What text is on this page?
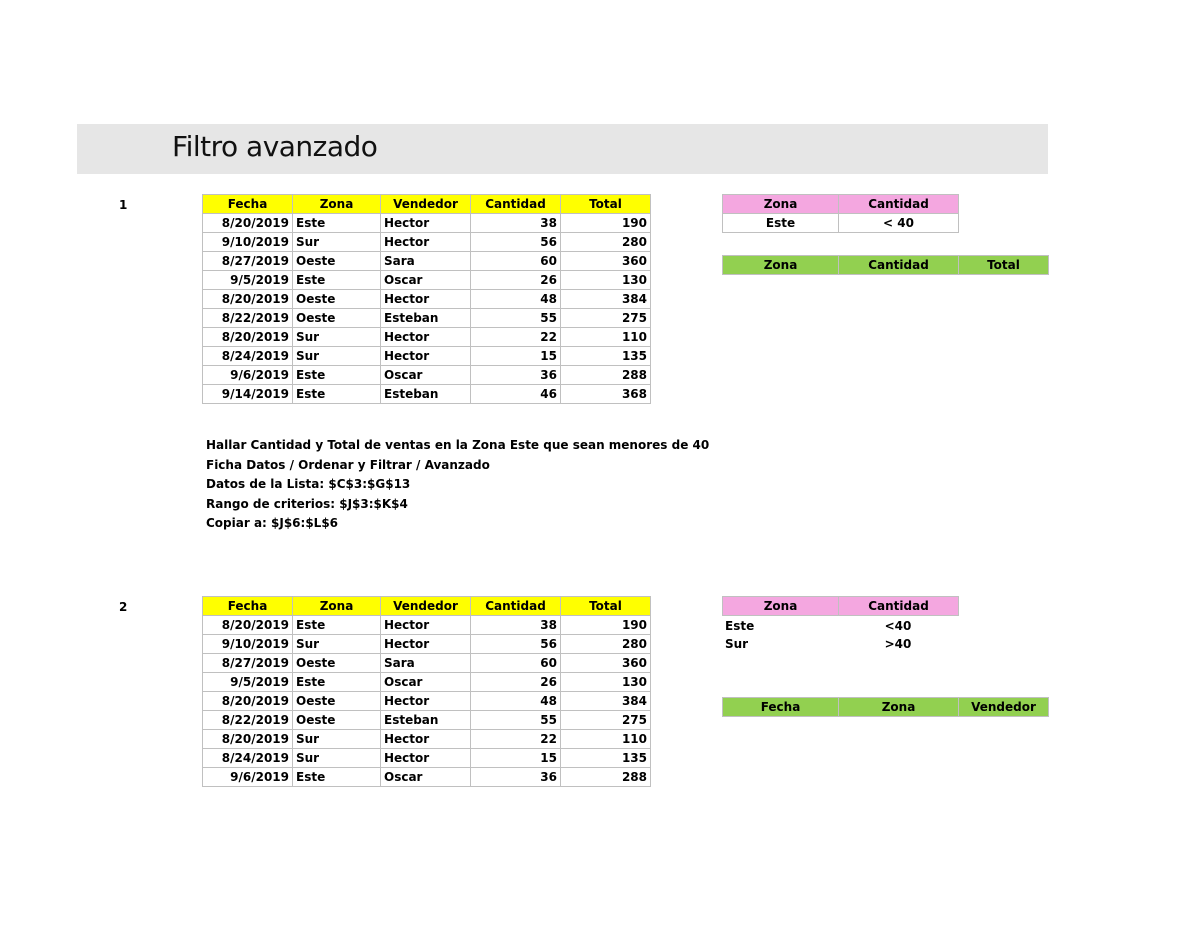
Filtro avanzado
1	Fecha	Zona	Vendedor	Cantidad	Total
8/20/2019	Este	Hector	38	190
9/10/2019	Sur	Hector	56	280
8/27/2019	Oeste	Sara	60	360
9/5/2019	Este	Oscar	26	130
8/20/2019	Oeste	Hector	48	384
8/22/2019	Oeste	Esteban	55	275
8/20/2019	Sur	Hector	22	110
8/24/2019	Sur	Hector	15	135
9/6/2019	Este	Oscar	36	288
9/14/2019	Este	Esteban	46	368
Zona	Cantidad
Este	< 40
Zona	Cantidad	Total
Hallar Cantidad y Total de ventas en la Zona Este que sean menores de 40
Ficha Datos / Ordenar y Filtrar / Avanzado
Datos de la Lista: $C$3:$G$13
Rango de criterios: $J$3:$K$4
Copiar a: $J$6:$L$6
2	Fecha	Zona	Vendedor	Cantidad	Total
8/20/2019	Este	Hector	38	190
9/10/2019	Sur	Hector	56	280
8/27/2019	Oeste	Sara	60	360
9/5/2019	Este	Oscar	26	130
8/20/2019	Oeste	Hector	48	384
8/22/2019	Oeste	Esteban	55	275
8/20/2019	Sur	Hector	22	110
8/24/2019	Sur	Hector	15	135
9/6/2019	Este	Oscar	36	288
Zona	Cantidad
Este	<40
Sur	>40
Fecha	Zona	Vendedor
